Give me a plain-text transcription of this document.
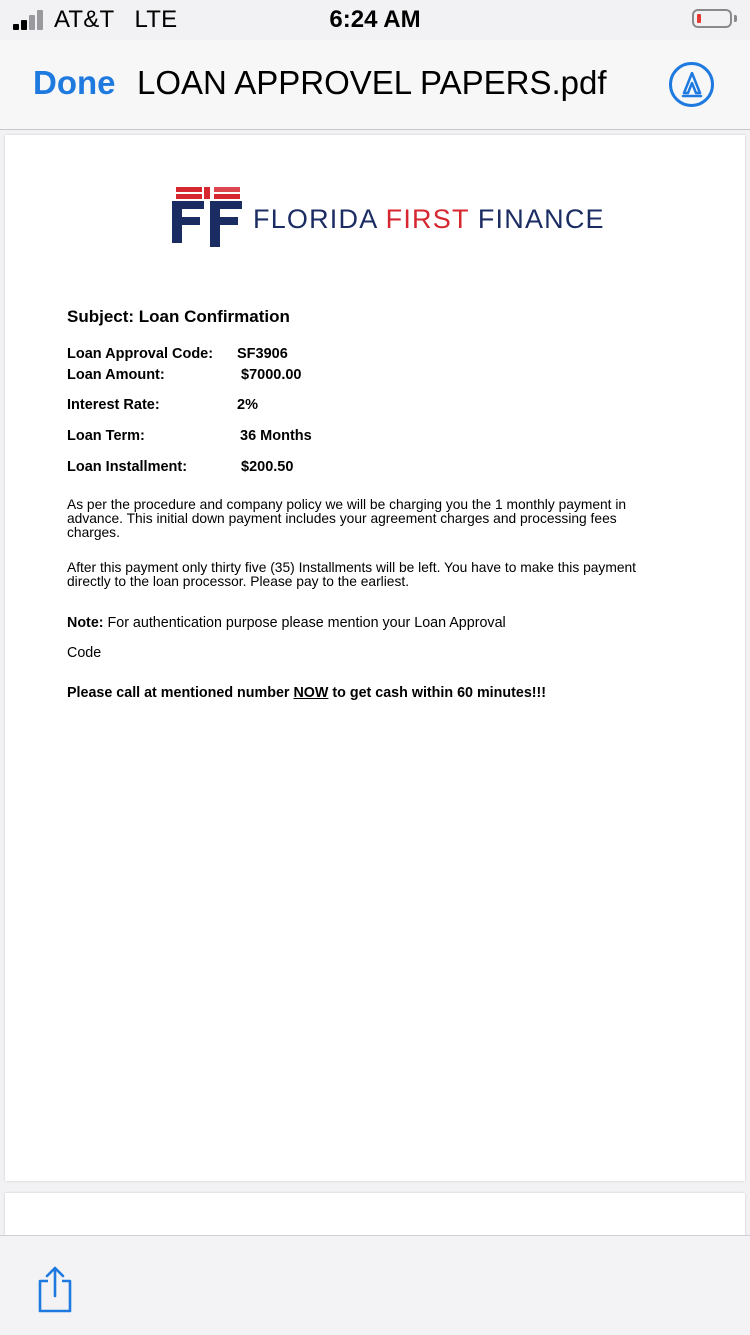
AT&T   LTE	6:24 AM
Done LOAN APPROVEL PAPERS.pdf
FLORIDA FIRST FINANCE
Subject: Loan Confirmation
Loan Approval Code: SF3906
Loan Amount:	$7000.00
Interest Rate:	2%
Loan Term:	36 Months
Loan Installment:	$200.50
As per the procedure and company policy we will be charging you the 1 monthly payment in
advance. This initial down payment includes your agreement charges and processing fees
charges.
After this payment only thirty five (35) Installments will be left. You have to make this payment
directly to the loan processor. Please pay to the earliest.
Note: For authentication purpose please mention your Loan Approval
Code
Please call at mentioned number NOW to get cash within 60 minutes!!!
